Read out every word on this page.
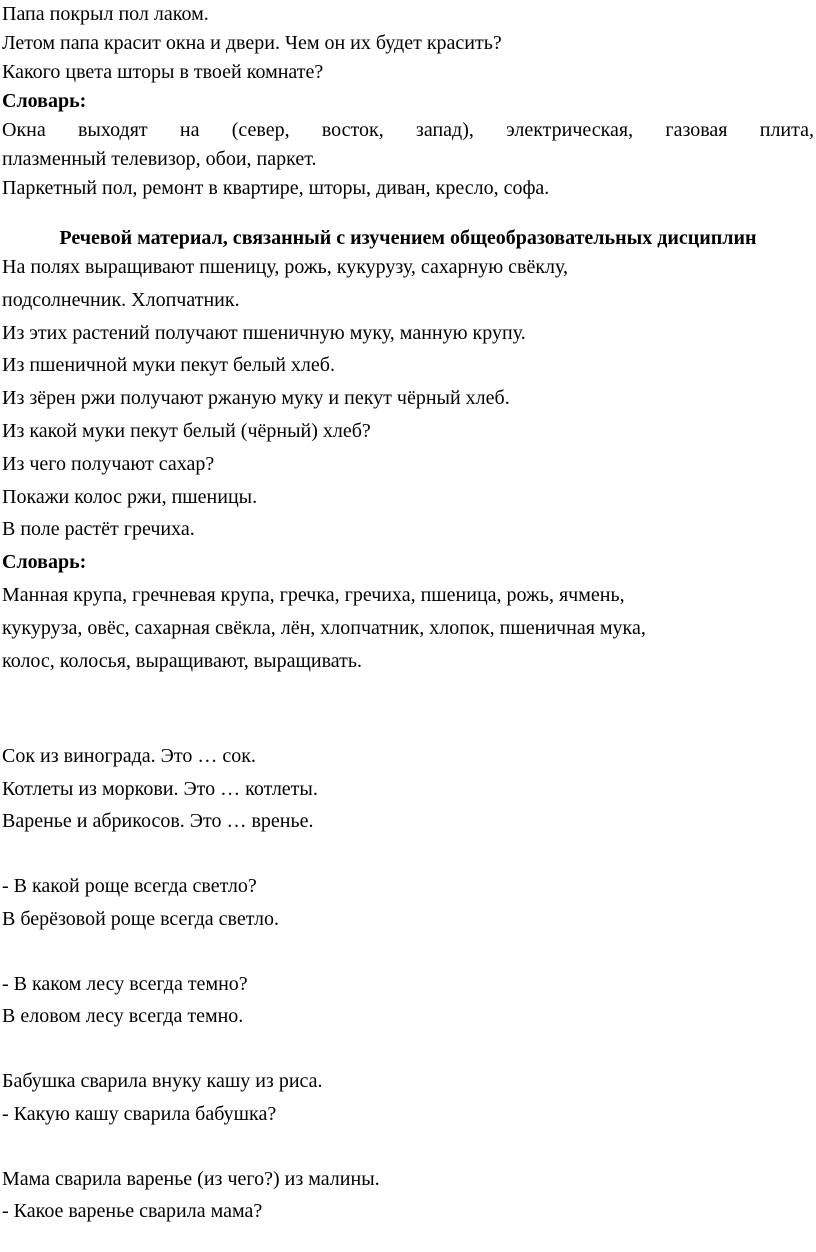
Папа покрыл пол лаком.

Летом папа красит окна и двери. Чем он их будет красить?

Какого цвета шторы в твоей комнате?

Словарь:

Окна выходят на (север, восток, запад), электрическая, газовая плита,

плазменный телевизор, обои, паркет.

Паркетный пол, ремонт в квартире, шторы, диван, кресло, софа.

Речевой материал, связанный с изучением общеобразовательных дисциплин

На полях выращивают пшеницу, рожь, кукурузу, сахарную свёклу,

подсолнечник. Хлопчатник.

Из этих растений получают пшеничную муку, манную крупу.

Из пшеничной муки пекут белый хлеб.

Из зёрен ржи получают ржаную муку и пекут чёрный хлеб.

Из какой муки пекут белый (чёрный) хлеб?

Из чего получают сахар?

Покажи колос ржи, пшеницы.

В поле растёт гречиха.

Словарь:

Манная крупа, гречневая крупа, гречка, гречиха, пшеница, рожь, ячмень,

кукуруза, овёс, сахарная свёкла, лён, хлопчатник, хлопок, пшеничная мука,

колос, колосья, выращивают, выращивать.

Сок из винограда. Это … сок.

Котлеты из моркови. Это … котлеты.

Варенье и абрикосов. Это … вренье.

- В какой роще всегда светло?

В берёзовой роще всегда светло.

- В каком лесу всегда темно?

В еловом лесу всегда темно.

Бабушка сварила внуку кашу из риса.

- Какую кашу сварила бабушка?

Мама сварила варенье (из чего?) из малины.

- Какое варенье сварила мама?
